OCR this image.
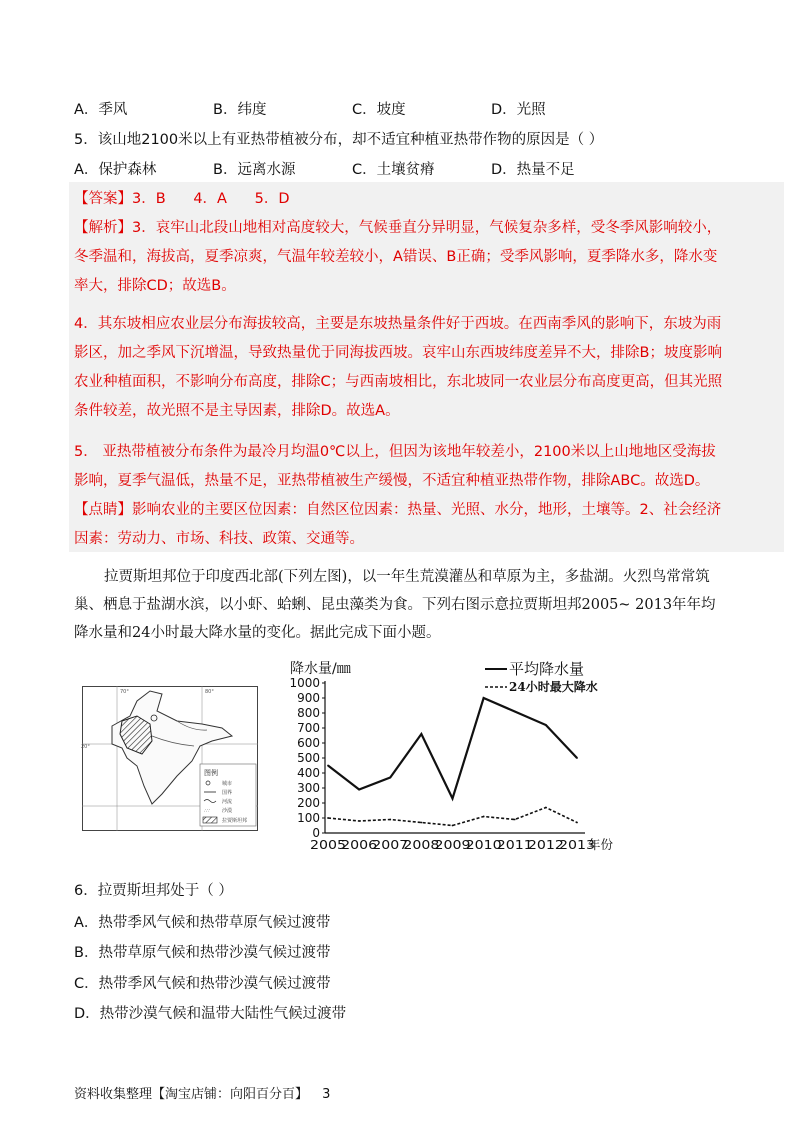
A．季风	B．纬度	C．坡度	D．光照
5．该山地2100米以上有亚热带植被分布，却不适宜种植亚热带作物的原因是（ ）
A．保护森林	B．远离水源	C．土壤贫瘠	D．热量不足
【答案】3．B      4．A      5．D
【解析】3．哀牢山北段山地相对高度较大，气候垂直分异明显，气候复杂多样，受冬季风影响较小，冬季温和，海拔高，夏季凉爽，气温年较差较小，A错误、B正确；受季风影响，夏季降水多，降水变率大，排除CD；故选B。
4．其东坡相应农业层分布海拔较高，主要是东坡热量条件好于西坡。在西南季风的影响下，东坡为雨影区，加之季风下沉增温，导致热量优于同海拔西坡。哀牢山东西坡纬度差异不大，排除B；坡度影响农业种植面积，不影响分布高度，排除C；与西南坡相比，东北坡同一农业层分布高度更高，但其光照条件较差，故光照不是主导因素，排除D。故选A。
5． 亚热带植被分布条件为最冷月均温0℃以上，但因为该地年较差小，2100米以上山地地区受海拔影响，夏季气温低，热量不足，亚热带植被生产缓慢，不适宜种植亚热带作物，排除ABC。故选D。
【点睛】影响农业的主要区位因素：自然区位因素：热量、光照、水分，地形，土壤等。2、社会经济因素：劳动力、市场、科技、政策、交通等。
拉贾斯坦邦位于印度西北部(下列左图)，以一年生荒漠灌丛和草原为主，多盐湖。火烈鸟常常筑巢、栖息于盐湖水滨，以小虾、蛤蜊、昆虫藻类为食。下列右图示意拉贾斯坦邦2005~ 2013年年均降水量和24小时最大降水量的变化。据此完成下面小题。
图例
城市
国界
河流
沙漠
拉贾斯坦邦
∴∵
20°
70°	80°
0
100
200
300
400
500
600
700
800
900
1000
2005
2006
2007
2008
2009
2010
2011
2012
2013
年份
降水量/㎜	平均降水量
24小时最大降水
6．拉贾斯坦邦处于（ ）
A．热带季风气候和热带草原气候过渡带
B．热带草原气候和热带沙漠气候过渡带
C．热带季风气候和热带沙漠气候过渡带
D．热带沙漠气候和温带大陆性气候过渡带
资料收集整理【淘宝店铺：向阳百分百】 3
